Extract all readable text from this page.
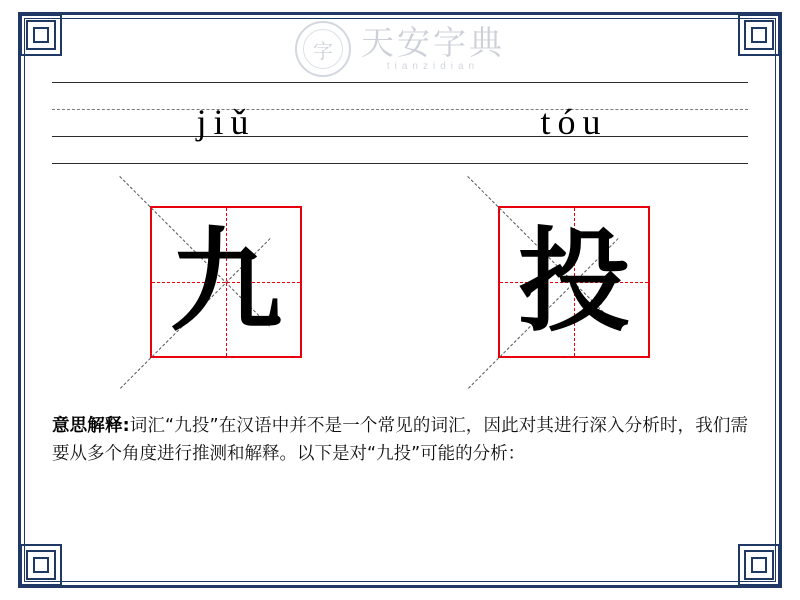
字 天安字典
tianzidian
jiǔ	tóu
九 投
意思解释:词汇“九投”在汉语中并不是一个常见的词汇，因此对其进行深入分析时，我们需要从多个角度进行推测和解释。以下是对“九投”可能的分析：
